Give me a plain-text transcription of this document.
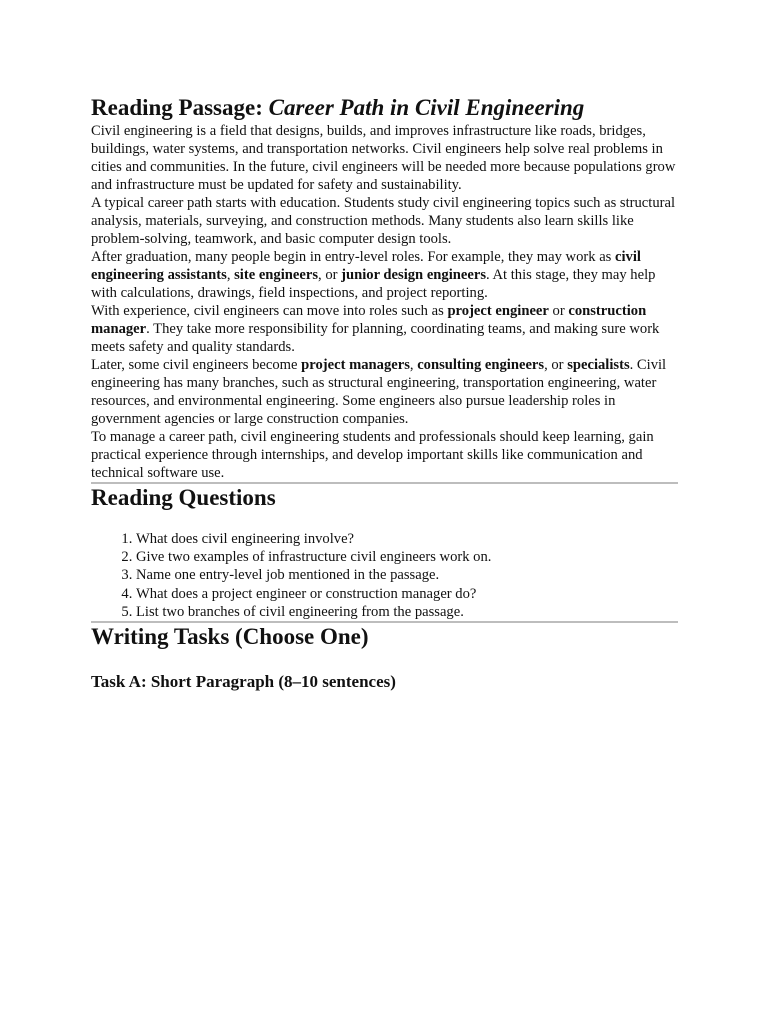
Reading Passage: Career Path in Civil Engineering

Civil engineering is a field that designs, builds, and improves infrastructure like roads, bridges, buildings, water systems, and transportation networks. Civil engineers help solve real problems in cities and communities. In the future, civil engineers will be needed more because populations grow and infrastructure must be updated for safety and sustainability.

A typical career path starts with education. Students study civil engineering topics such as structural analysis, materials, surveying, and construction methods. Many students also learn skills like problem-solving, teamwork, and basic computer design tools.

After graduation, many people begin in entry-level roles. For example, they may work as civil engineering assistants, site engineers, or junior design engineers. At this stage, they may help with calculations, drawings, field inspections, and project reporting.

With experience, civil engineers can move into roles such as project engineer or construction manager. They take more responsibility for planning, coordinating teams, and making sure work meets safety and quality standards.

Later, some civil engineers become project managers, consulting engineers, or specialists. Civil engineering has many branches, such as structural engineering, transportation engineering, water resources, and environmental engineering. Some engineers also pursue leadership roles in government agencies or large construction companies.

To manage a career path, civil engineering students and professionals should keep learning, gain practical experience through internships, and develop important skills like communication and technical software use.

Reading Questions
1. What does civil engineering involve?
2. Give two examples of infrastructure civil engineers work on.
3. Name one entry-level job mentioned in the passage.
4. What does a project engineer or construction manager do?
5. List two branches of civil engineering from the passage.
Writing Tasks (Choose One)
Task A: Short Paragraph (8–10 sentences)
